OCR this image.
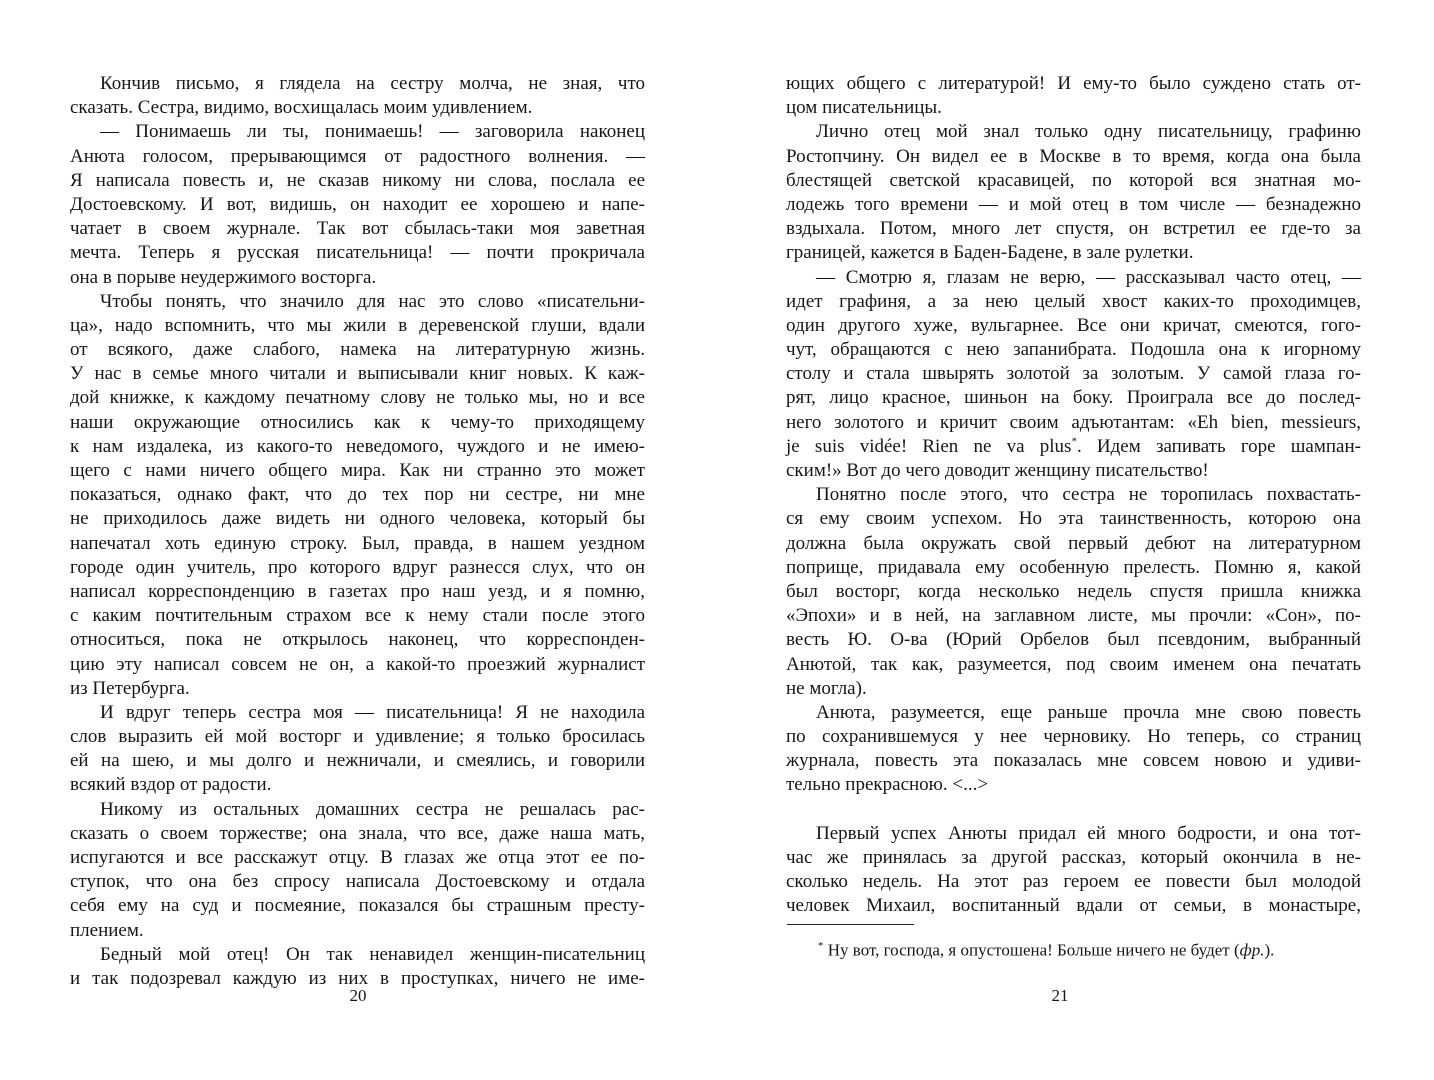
Кончив письмо, я глядела на сестру молча, не зная, что
сказать. Сестра, видимо, восхищалась моим удивлением.
— Понимаешь ли ты, понимаешь! — заговорила наконец
Анюта голосом, прерывающимся от радостного волнения. —
Я написала повесть и, не сказав никому ни слова, послала ее
Достоевскому. И вот, видишь, он находит ее хорошею и напе-
чатает в своем журнале. Так вот сбылась-таки моя заветная
мечта. Теперь я русская писательница! — почти прокричала
она в порыве неудержимого восторга.
Чтобы понять, что значило для нас это слово «писательни-
ца», надо вспомнить, что мы жили в деревенской глуши, вдали
от всякого, даже слабого, намека на литературную жизнь.
У нас в семье много читали и выписывали книг новых. К кaж-
дой книжке, к каждому печатному слову не только мы, но и все
наши окружающие относились как к чему-то приходящему
к нам издалека, из какого-то неведомого, чуждого и не имею-
щего с нами ничего общего мира. Как ни странно это может
показаться, однако факт, что до тех пор ни сестре, ни мне
не приходилось даже видеть ни одного человека, который бы
напечатал хоть единую строку. Был, правда, в нашем уездном
городе один учитель, про которого вдруг разнесся слух, что он
написал корреспонденцию в газетах про наш уезд, и я помню,
с каким почтительным страхом все к нему стали после этого
относиться, пока не открылось наконец, что корреспонден-
цию эту написал совсем не он, а какой-то проезжий журналист
из Петербурга.
И вдруг теперь сестра моя — писательница! Я не находила
слов выразить ей мой восторг и удивление; я только бросилась
ей на шею, и мы долго и нежничали, и смеялись, и говорили
всякий вздор от радости.
Никому из остальных домашних сестра не решалась рас-
сказать о своем торжестве; она знала, что все, даже наша мать,
испугаются и все расскажут отцу. В глазах же отца этот ее по-
ступок, что она без спросу написала Достоевскому и отдала
себя ему на суд и посмеяние, показался бы страшным престу-
плением.
Бедный мой отец! Он так ненавидел женщин-писательниц
и так подозревал каждую из них в проступках, ничего не име-
20
ющих общего с литературой! И ему-то было суждено стать от-
цом писательницы.
Лично отец мой знал только одну писательницу, графиню
Ростопчину. Он видел ее в Москве в то время, когда она была
блестящей светской красавицей, по которой вся знатная мо-
лодежь того времени — и мой отец в том числе — безнадежно
вздыхала. Потом, много лет спустя, он встретил ее где-то за
границей, кажется в Баден-Бадене, в зале рулетки.
— Смотрю я, глазам не верю, — рассказывал часто отец, —
идет графиня, а за нею целый хвост каких-то проходимцев,
один другого хуже, вульгарнее. Все они кричат, смеются, гого-
чут, обращаются с нею запанибрата. Подошла она к игорному
столу и стала швырять золотой за золотым. У самой глаза го-
рят, лицо красное, шиньон на боку. Проиграла все до послед-
него золотого и кричит своим адъютантам: «Eh bien, messieurs,
je suis vidée! Rien ne va plus*. Идем запивать горе шампан-
ским!» Вот до чего доводит женщину писательство!
Понятно после этого, что сестра не торопилась похвастать-
ся ему своим успехом. Но эта таинственность, которою она
должна была окружать свой первый дебют на литературном
поприще, придавала ему особенную прелесть. Помню я, какой
был восторг, когда несколько недель спустя пришла книжка
«Эпохи» и в ней, на заглавном листе, мы прочли: «Сон», по-
весть Ю. О-ва (Юрий Орбелов был псевдоним, выбранный
Анютой, так как, разумеется, под своим именем она печатать
не могла).
Анюта, разумеется, еще раньше прочла мне свою повесть
по сохранившемуся у нее черновику. Но теперь, со страниц
журнала, повесть эта показалась мне совсем новою и удиви-
тельно прекрасною. <...>
Первый успех Анюты придал ей много бодрости, и она тот-
час же принялась за другой рассказ, который окончила в не-
сколько недель. На этот раз героем ее повести был молодой
человек Михаил, воспитанный вдали от семьи, в монастыре,
* Ну вот, господа, я опустошена! Больше ничего не будет (фр.).
21
